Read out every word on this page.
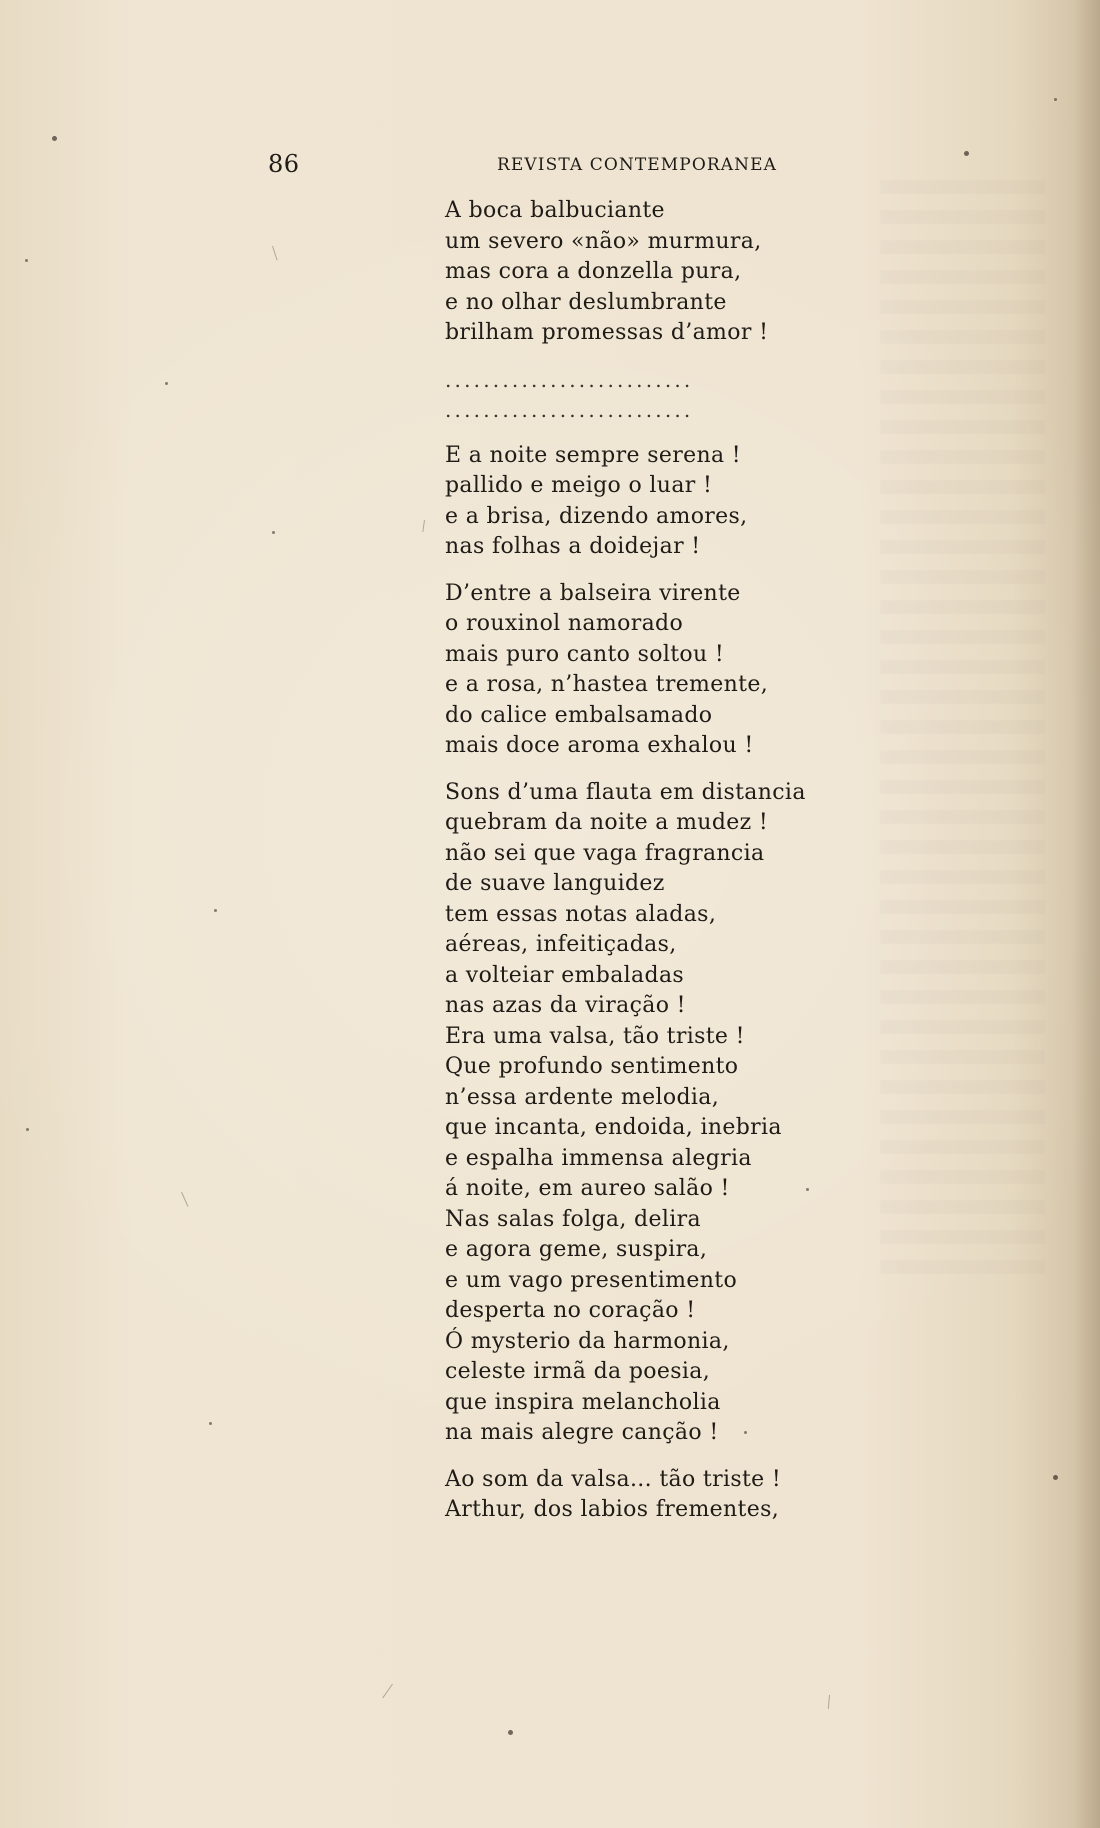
86	REVISTA CONTEMPORANEA
A boca balbuciante
um severo «não» murmura,
mas cora a donzella pura,
e no olhar deslumbrante
brilham promessas d’amor !
..........................
..........................
E a noite sempre serena !
pallido e meigo o luar !
e a brisa, dizendo amores,
nas folhas a doidejar !
D’entre a balseira virente
o rouxinol namorado
mais puro canto soltou !
e a rosa, n’hastea tremente,
do calice embalsamado
mais doce aroma exhalou !
Sons d’uma flauta em distancia
quebram da noite a mudez !
não sei que vaga fragrancia
de suave languidez
tem essas notas aladas,
aéreas, infeitiçadas,
a volteiar embaladas
nas azas da viração !
Era uma valsa, tão triste !
Que profundo sentimento
n’essa ardente melodia,
que incanta, endoida, inebria
e espalha immensa alegria
á noite, em aureo salão !
Nas salas folga, delira
e agora geme, suspira,
e um vago presentimento
desperta no coração !
Ó mysterio da harmonia,
celeste irmã da poesia,
que inspira melancholia
na mais alegre canção !
Ao som da valsa... tão triste !
Arthur, dos labios frementes,
